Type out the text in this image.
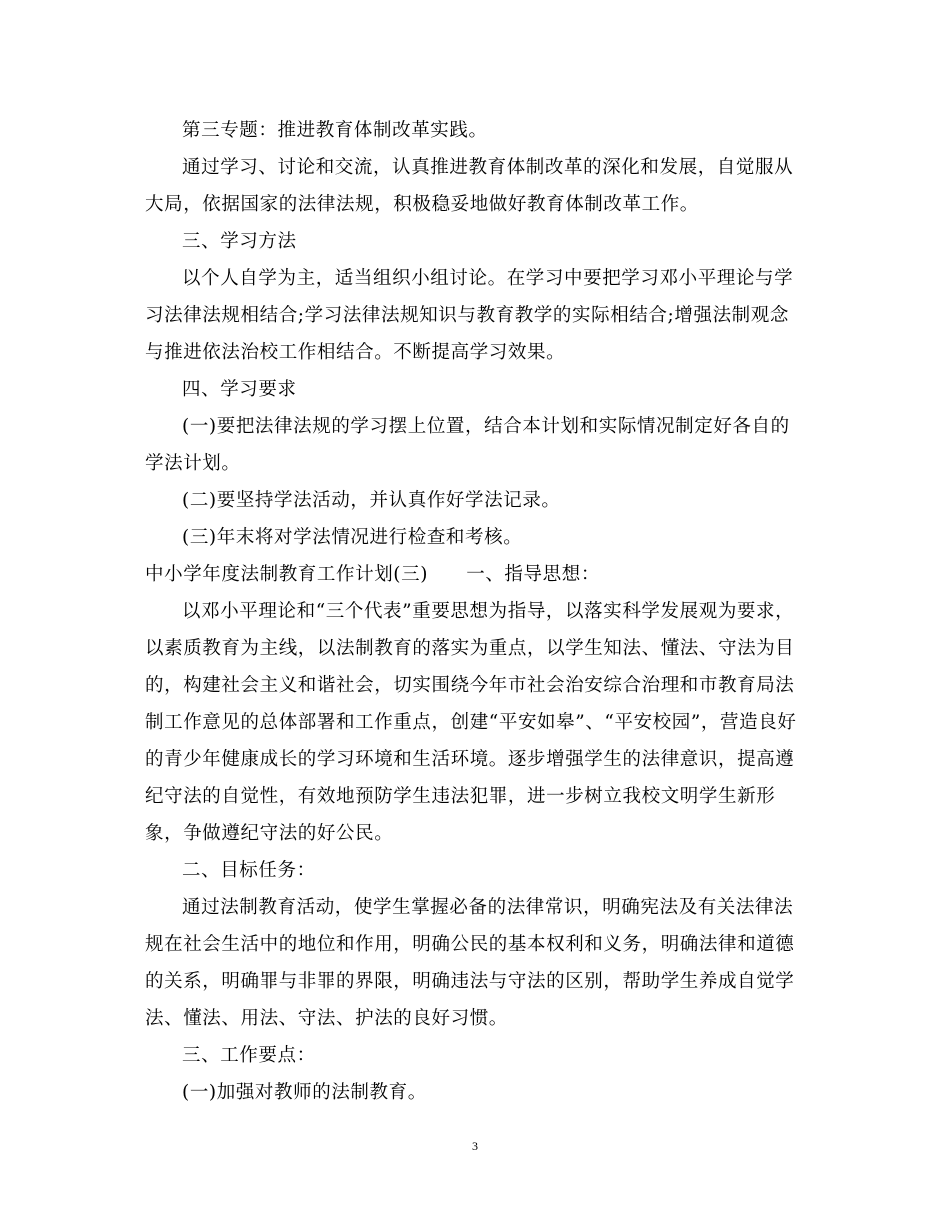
第三专题：推进教育体制改革实践。

通过学习、讨论和交流，认真推进教育体制改革的深化和发展，自觉服从大局，依据国家的法律法规，积极稳妥地做好教育体制改革工作。

三、学习方法

以个人自学为主，适当组织小组讨论。在学习中要把学习邓小平理论与学习法律法规相结合;学习法律法规知识与教育教学的实际相结合;增强法制观念与推进依法治校工作相结合。不断提高学习效果。

四、学习要求

(一)要把法律法规的学习摆上位置，结合本计划和实际情况制定好各自的学法计划。

(二)要坚持学法活动，并认真作好学法记录。

(三)年末将对学法情况进行检查和考核。

中小学年度法制教育工作计划(三)　　一、指导思想：

以邓小平理论和“三个代表”重要思想为指导，以落实科学发展观为要求，以素质教育为主线，以法制教育的落实为重点，以学生知法、懂法、守法为目的，构建社会主义和谐社会，切实围绕今年市社会治安综合治理和市教育局法制工作意见的总体部署和工作重点，创建“平安如皋”、“平安校园”，营造良好的青少年健康成长的学习环境和生活环境。逐步增强学生的法律意识，提高遵纪守法的自觉性，有效地预防学生违法犯罪，进一步树立我校文明学生新形象，争做遵纪守法的好公民。

二、目标任务：

通过法制教育活动，使学生掌握必备的法律常识，明确宪法及有关法律法规在社会生活中的地位和作用，明确公民的基本权利和义务，明确法律和道德的关系，明确罪与非罪的界限，明确违法与守法的区别，帮助学生养成自觉学法、懂法、用法、守法、护法的良好习惯。

三、工作要点：

(一)加强对教师的法制教育。

3
